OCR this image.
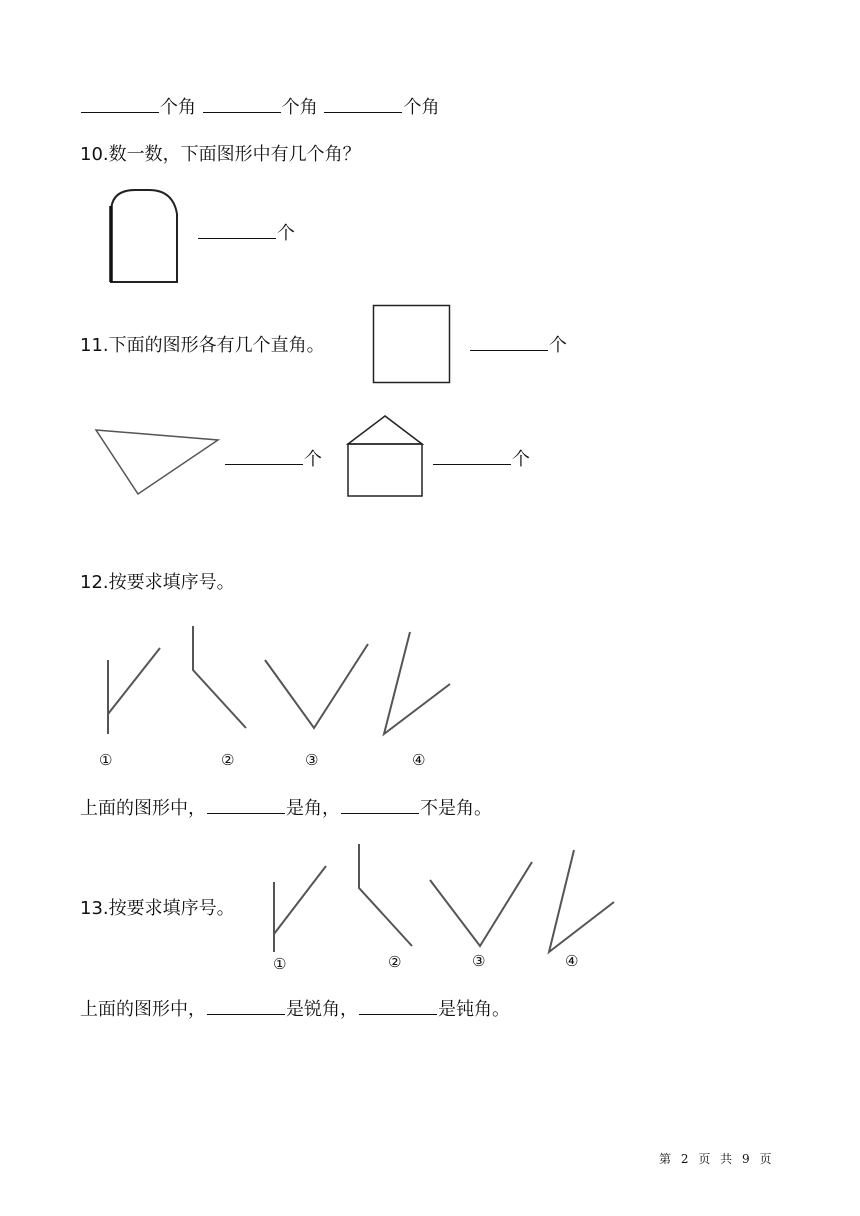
个角	个角	个角
10.数一数，下面图形中有几个角？
个
11.下面的图形各有几个直角。	个
个	个
12.按要求填序号。
①	②	③	④
上面的图形中，	是角，	不是角。
13.按要求填序号。
①	②	③	④
上面的图形中，	是锐角，	是钝角。
第 2 页 共 9 页
